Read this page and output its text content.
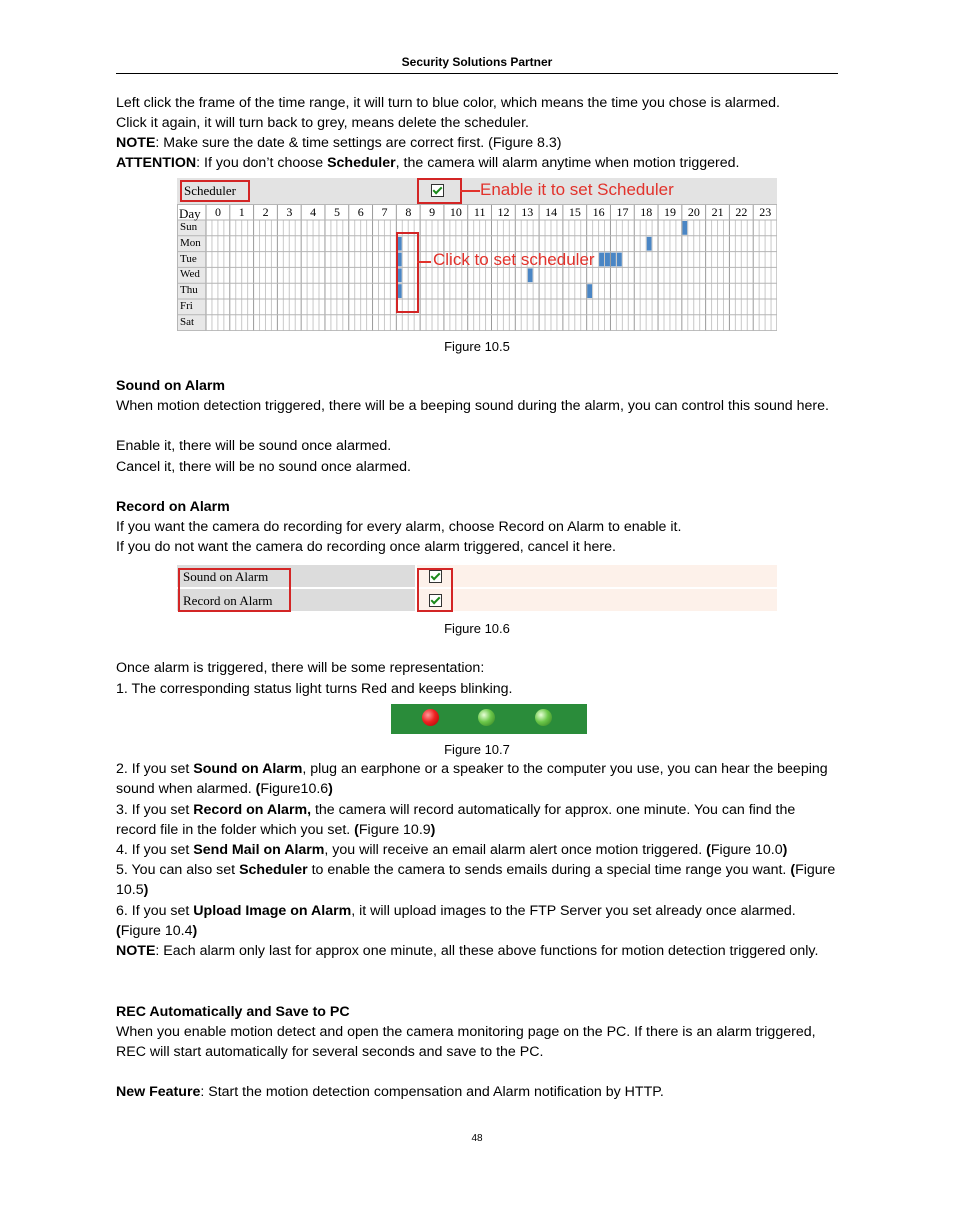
Security Solutions Partner

Left click the frame of the time range, it will turn to blue color, which means the time you chose is alarmed.

Click it again, it will turn back to grey, means delete the scheduler.

NOTE: Make sure the date & time settings are correct first. (Figure 8.3)

ATTENTION: If you don’t choose Scheduler, the camera will alarm anytime when motion triggered.

Scheduler	Enable it to set Scheduler
Day	0	1	2	3	4	5	6	7	8	9	10	11	12 13 14 15 16 17 18 19 20 21 22 23
Sun
Mon
Tue
Wed
Thu
Fri
Sat
Click to set scheduler
Figure 10.5

Sound on Alarm

When motion detection triggered, there will be a beeping sound during the alarm, you can control this sound here.

Enable it, there will be sound once alarmed.

Cancel it, there will be no sound once alarmed.

Record on Alarm

If you want the camera do recording for every alarm, choose Record on Alarm to enable it.

If you do not want the camera do recording once alarm triggered, cancel it here.

Sound on Alarm
Record on Alarm
Figure 10.6

Once alarm is triggered, there will be some representation:

1. The corresponding status light turns Red and keeps blinking.

Figure 10.7

2. If you set Sound on Alarm, plug an earphone or a speaker to the computer you use, you can hear the beeping sound when alarmed. (Figure10.6)

3. If you set Record on Alarm, the camera will record automatically for approx. one minute. You can find the record file in the folder which you set. (Figure 10.9)

4. If you set Send Mail on Alarm, you will receive an email alarm alert once motion triggered. (Figure 10.0)

5. You can also set Scheduler to enable the camera to sends emails during a special time range you want. (Figure 10.5)

6. If you set Upload Image on Alarm, it will upload images to the FTP Server you set already once alarmed. (Figure 10.4)

NOTE: Each alarm only last for approx one minute, all these above functions for motion detection triggered only.

REC Automatically and Save to PC

When you enable motion detect and open the camera monitoring page on the PC. If there is an alarm triggered, REC will start automatically for several seconds and save to the PC.

New Feature: Start the motion detection compensation and Alarm notification by HTTP.

48
